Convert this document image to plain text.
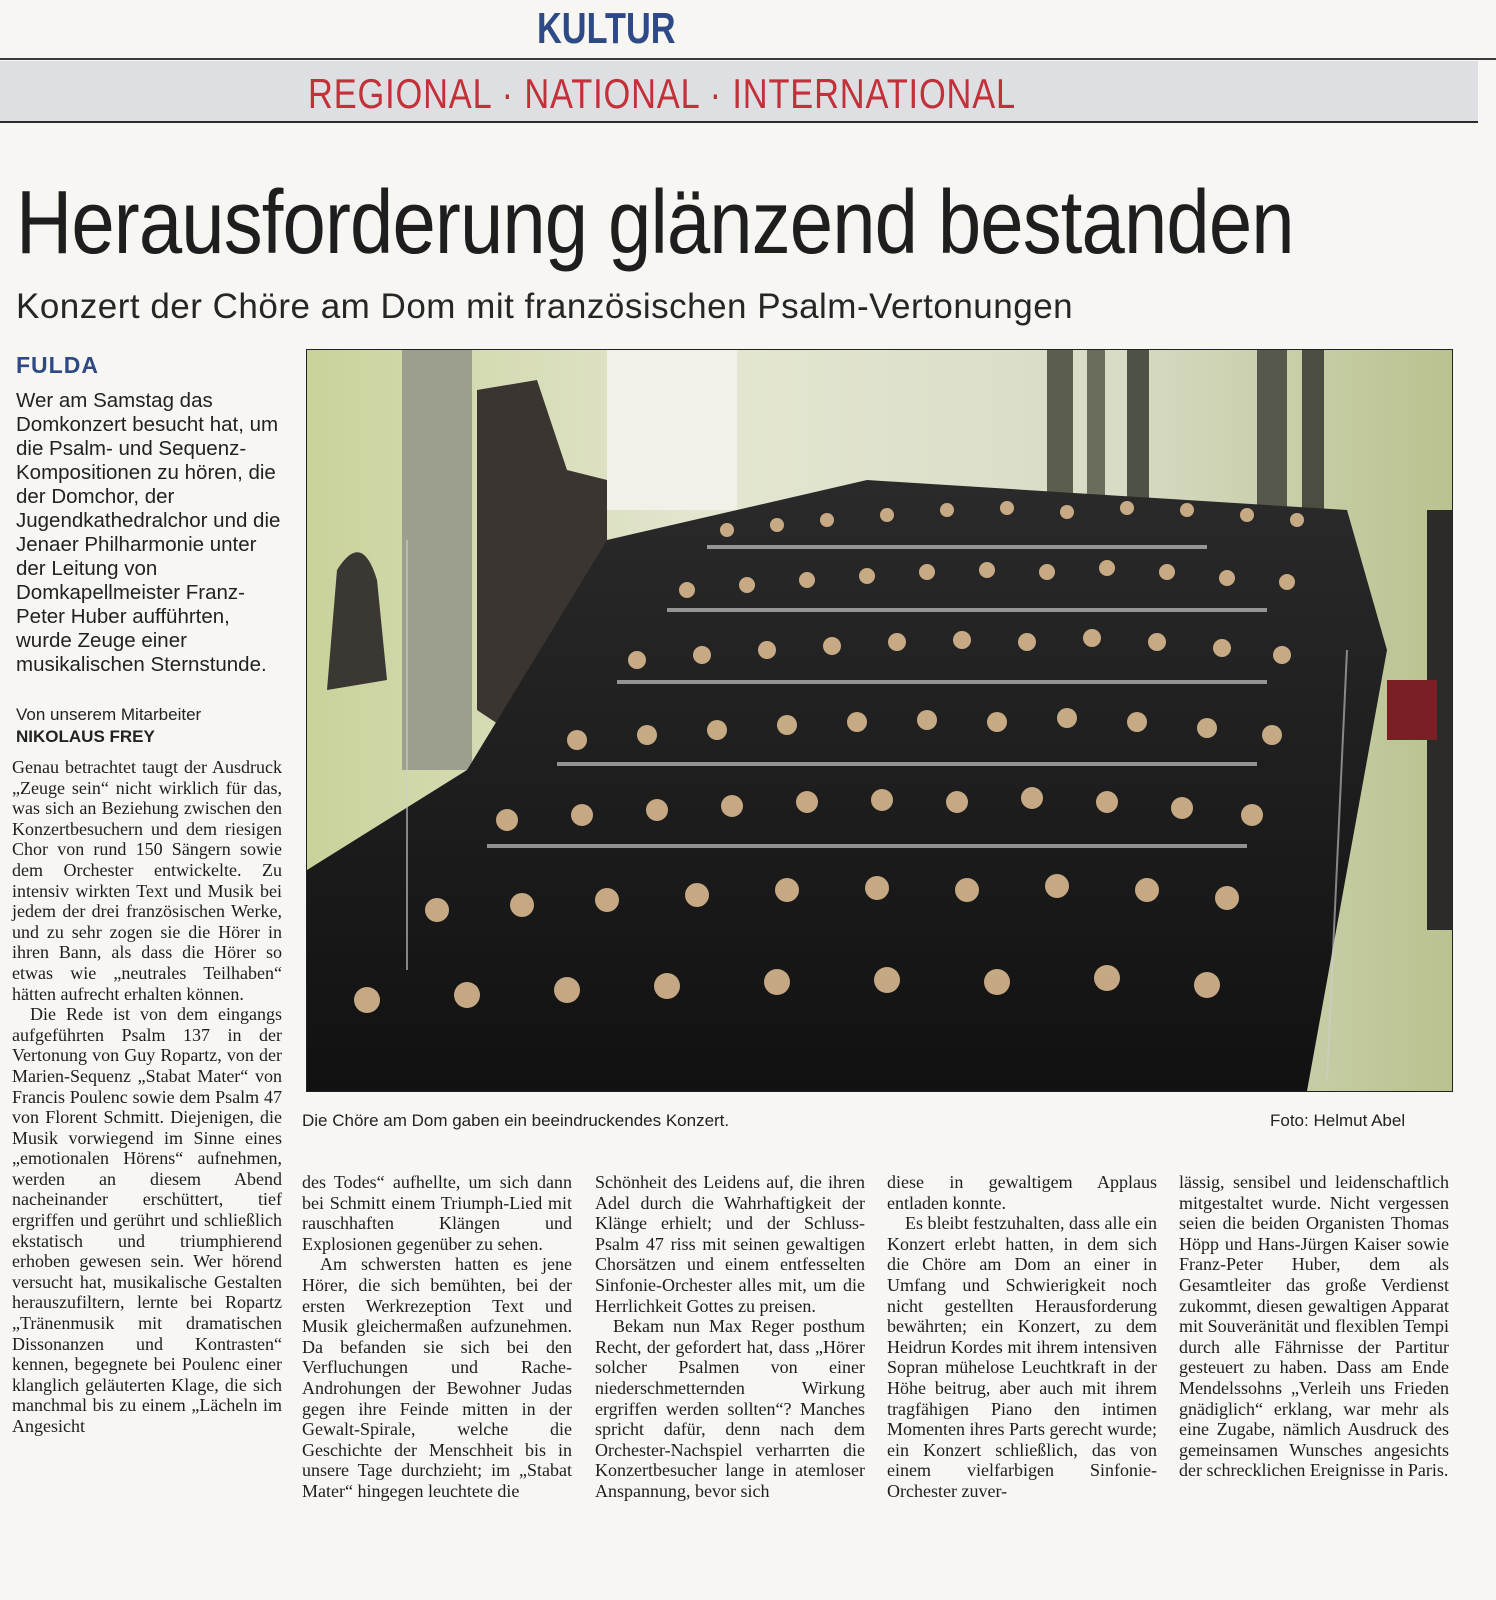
KULTUR
REGIONAL · NATIONAL · INTERNATIONAL
Herausforderung glänzend bestanden
Konzert der Chöre am Dom mit französischen Psalm-Vertonungen
FULDA
Wer am Samstag das Domkonzert besucht hat, um die Psalm- und Sequenz-Kompositionen zu hören, die der Domchor, der Jugendkathedralchor und die Jenaer Philharmonie unter der Leitung von Domkapellmeister Franz-Peter Huber aufführten, wurde Zeuge einer musikalischen Sternstunde.
Von unserem Mitarbeiter
NIKOLAUS FREY
Die Chöre am Dom gaben ein beeindruckendes Konzert.	Foto: Helmut Abel

Genau betrachtet taugt der Ausdruck „Zeuge sein“ nicht wirklich für das, was sich an Beziehung zwischen den Konzertbesuchern und dem riesigen Chor von rund 150 Sängern sowie dem Orchester entwickelte. Zu intensiv wirkten Text und Musik bei jedem der drei französischen Werke, und zu sehr zogen sie die Hörer in ihren Bann, als dass die Hörer so etwas wie „neutrales Teilhaben“ hätten aufrecht erhalten können.

Die Rede ist von dem eingangs aufgeführten Psalm 137 in der Vertonung von Guy Ropartz, von der Marien-Sequenz „Stabat Mater“ von Francis Poulenc sowie dem Psalm 47 von Florent Schmitt. Diejenigen, die Musik vorwiegend im Sinne eines „emotionalen Hörens“ aufnehmen, werden an diesem Abend nacheinander erschüttert, tief ergriffen und gerührt und schließlich ekstatisch und triumphierend erhoben gewesen sein. Wer hörend versucht hat, musikalische Gestalten herauszufiltern, lernte bei Ropartz „Tränenmusik mit dramatischen Dissonanzen und Kontrasten“ kennen, begegnete bei Poulenc einer klanglich geläuterten Klage, die sich manchmal bis zu einem „Lächeln im Angesicht

des Todes“ aufhellte, um sich dann bei Schmitt einem Triumph-Lied mit rauschhaften Klängen und Explosionen gegenüber zu sehen.

Am schwersten hatten es jene Hörer, die sich bemühten, bei der ersten Werkrezeption Text und Musik gleichermaßen aufzunehmen. Da befanden sie sich bei den Verfluchungen und Rache-Androhungen der Bewohner Judas gegen ihre Feinde mitten in der Gewalt-Spirale, welche die Geschichte der Menschheit bis in unsere Tage durchzieht; im „Stabat Mater“ hingegen leuchtete die

Schönheit des Leidens auf, die ihren Adel durch die Wahrhaftigkeit der Klänge erhielt; und der Schluss-Psalm 47 riss mit seinen gewaltigen Chorsätzen und einem entfesselten Sinfonie-Orchester alles mit, um die Herrlichkeit Gottes zu preisen.

Bekam nun Max Reger posthum Recht, der gefordert hat, dass „Hörer solcher Psalmen von einer niederschmetternden Wirkung ergriffen werden sollten“? Manches spricht dafür, denn nach dem Orchester-Nachspiel verharrten die Konzertbesucher lange in atemloser Anspannung, bevor sich

diese in gewaltigem Applaus entladen konnte.

Es bleibt festzuhalten, dass alle ein Konzert erlebt hatten, in dem sich die Chöre am Dom an einer in Umfang und Schwierigkeit noch nicht gestellten Herausforderung bewährten; ein Konzert, zu dem Heidrun Kordes mit ihrem intensiven Sopran mühelose Leuchtkraft in der Höhe beitrug, aber auch mit ihrem tragfähigen Piano den intimen Momenten ihres Parts gerecht wurde; ein Konzert schließlich, das von einem vielfarbigen Sinfonie-Orchester zuver-

lässig, sensibel und leidenschaftlich mitgestaltet wurde. Nicht vergessen seien die beiden Organisten Thomas Höpp und Hans-Jürgen Kaiser sowie Franz-Peter Huber, dem als Gesamtleiter das große Verdienst zukommt, diesen gewaltigen Apparat mit Souveränität und flexiblen Tempi durch alle Fährnisse der Partitur gesteuert zu haben. Dass am Ende Mendelssohns „Verleih uns Frieden gnädiglich“ erklang, war mehr als eine Zugabe, nämlich Ausdruck des gemeinsamen Wunsches angesichts der schrecklichen Ereignisse in Paris.
